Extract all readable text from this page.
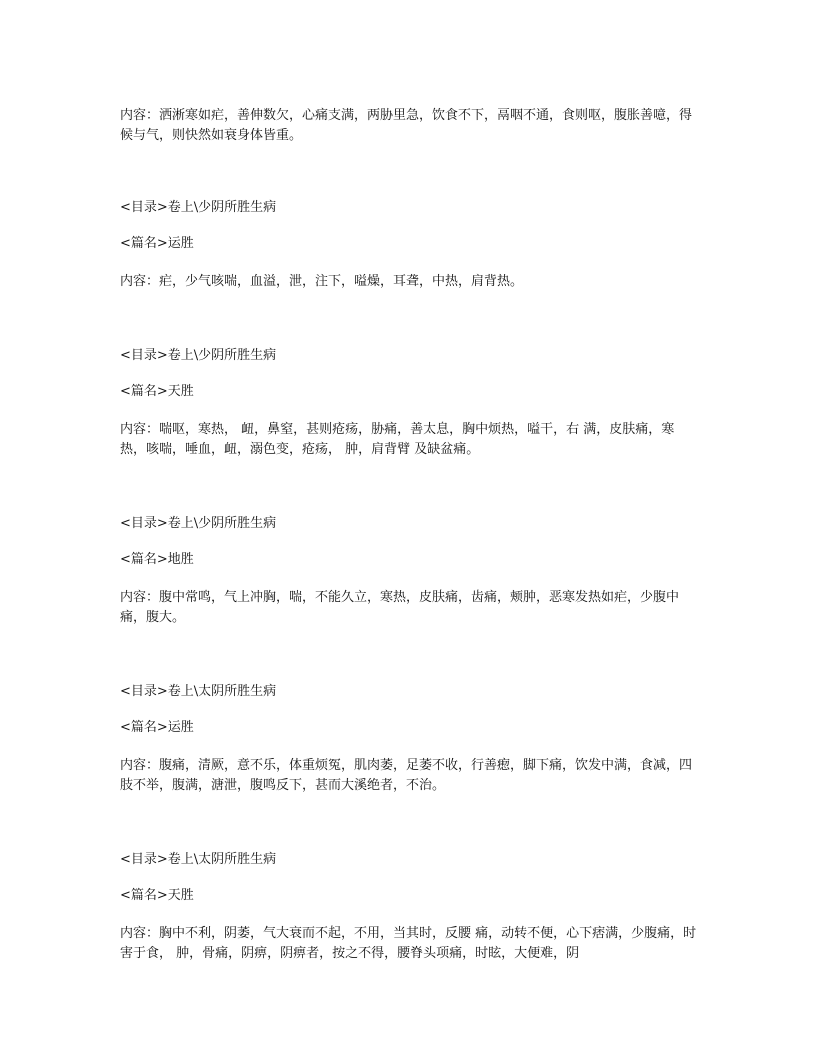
内容：洒淅寒如疟，善伸数欠，心痛支满，两胁里急，饮食不下，鬲咽不通，食则呕，腹胀善噫，得候与气，则快然如衰身体皆重。

<目录>卷上\少阴所胜生病

<篇名>运胜

内容：疟，少气咳喘，血溢，泄，注下，嗌燥，耳聋，中热，肩背热。

<目录>卷上\少阴所胜生病

<篇名>天胜

内容：喘呕，寒热， 衄，鼻窒，甚则疮疡，胁痛，善太息，胸中烦热，嗌干，右 满，皮肤痛，寒热，咳喘，唾血，衄，溺色变，疮疡， 肿，肩背臂 及缺盆痛。

<目录>卷上\少阴所胜生病

<篇名>地胜

内容：腹中常鸣，气上冲胸，喘，不能久立，寒热，皮肤痛，齿痛，颊肿，恶寒发热如疟，少腹中痛，腹大。

<目录>卷上\太阴所胜生病

<篇名>运胜

内容：腹痛，清厥，意不乐，体重烦冤，肌肉萎，足萎不收，行善瘛，脚下痛，饮发中满，食减，四肢不举，腹满，溏泄，腹鸣反下，甚而大溪绝者，不治。

<目录>卷上\太阴所胜生病

<篇名>天胜

内容：胸中不利，阴萎，气大衰而不起，不用，当其时，反腰 痛，动转不便，心下痞满，少腹痛，时害于食， 肿，骨痛，阴痹，阴痹者，按之不得，腰脊头项痛，时眩，大便难，阴
